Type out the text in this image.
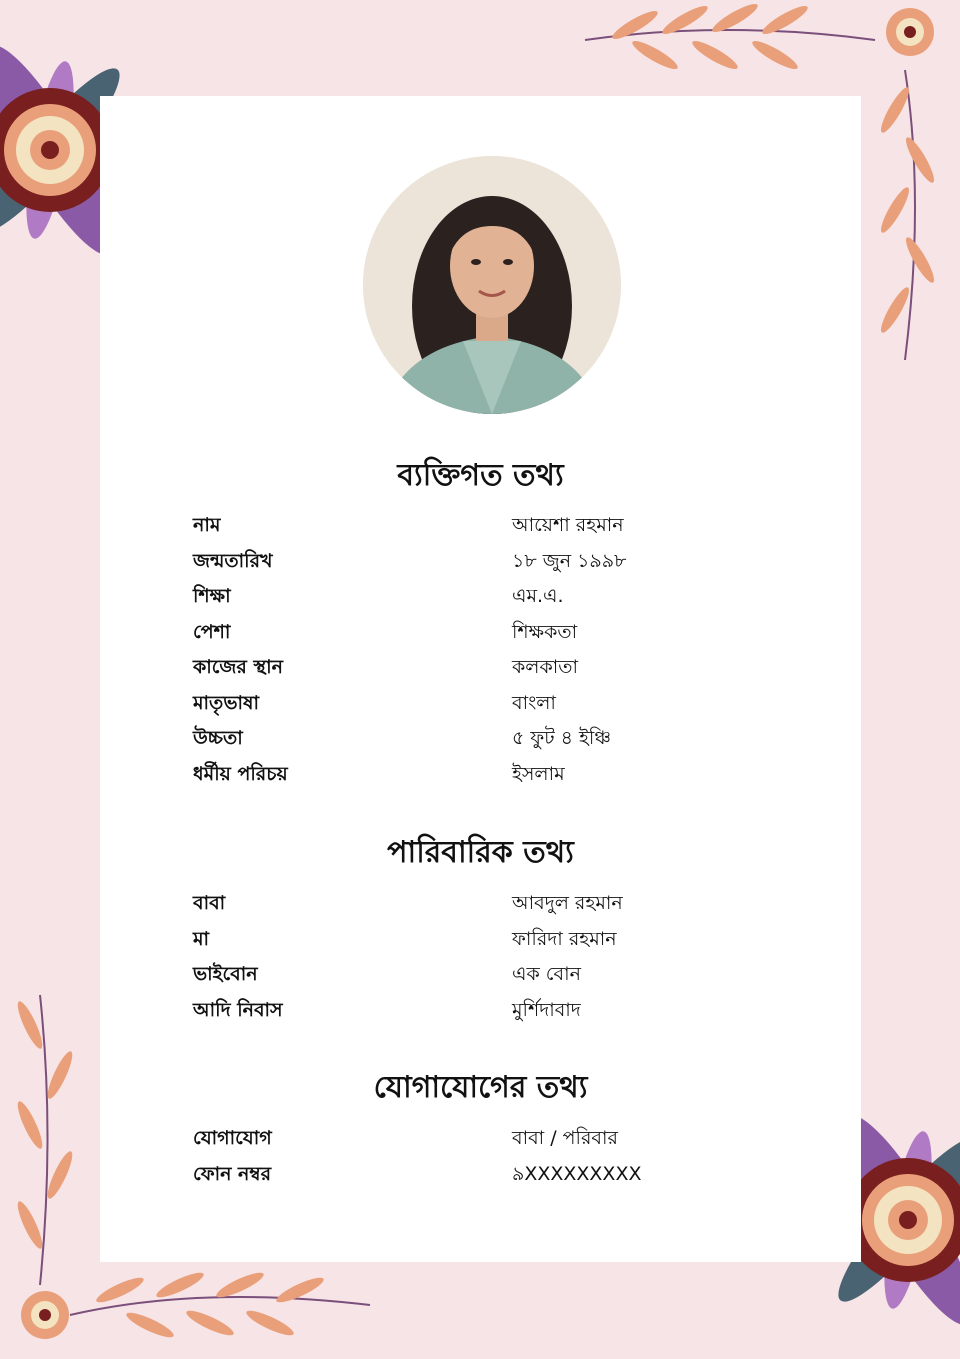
ব্যক্তিগত তথ্য
নাম	আয়েশা রহমান
জন্মতারিখ	১৮ জুন ১৯৯৮
শিক্ষা	এম.এ.
পেশা	শিক্ষকতা
কাজের স্থান	কলকাতা
মাতৃভাষা	বাংলা
উচ্চতা	৫ ফুট ৪ ইঞ্চি
ধর্মীয় পরিচয়	ইসলাম
পারিবারিক তথ্য
বাবা	আবদুল রহমান
মা	ফারিদা রহমান
ভাইবোন	এক বোন
আদি নিবাস	মুর্শিদাবাদ
যোগাযোগের তথ্য
যোগাযোগ	বাবা / পরিবার
ফোন নম্বর	৯XXXXXXXXX
